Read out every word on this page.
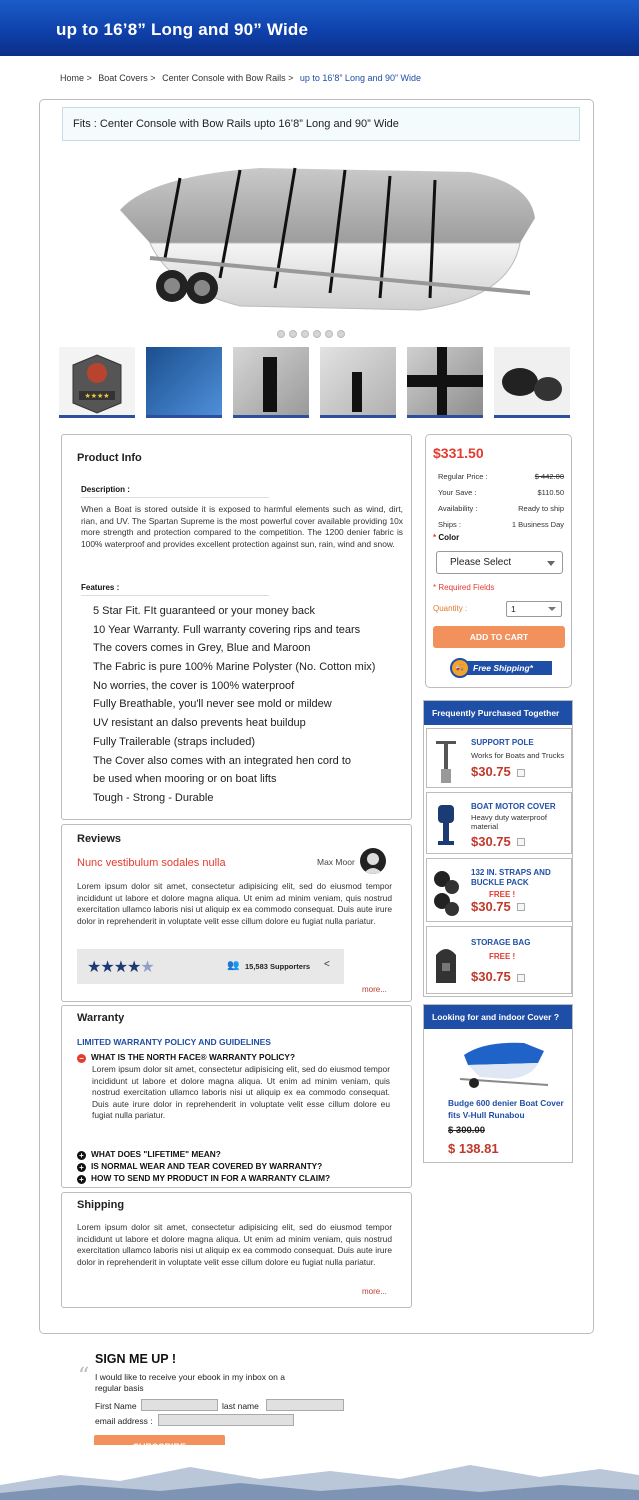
up to 16’8” Long and 90” Wide
Home > Boat Covers > Center Console with Bow Rails > up to 16’8” Long and 90” Wide
Fits : Center Console with Bow Rails upto 16’8” Long and 90” Wide
★★★★
Product Info
Description :
When a Boat is stored outside it is exposed to harmful elements such as wind, dirt, rian, and UV. The Spartan Supreme is the most powerful cover available providing 10x more strength and protection compared to the competition. The 1200 denier fabric is 100% waterproof and provides excellent protection against sun, rain, wind and snow.
Features :
5 Star Fit. FIt guaranteed or your money back
10 Year Warranty. Full warranty covering rips and tears
The covers comes in Grey, Blue and Maroon
The Fabric is pure 100% Marine Polyster (No. Cotton mix)
No worries, the cover is 100% waterproof
Fully Breathable, you'll never see mold or mildew
UV resistant an dalso prevents heat buildup
Fully Trailerable (straps included)
The Cover also comes with an integrated hen cord to
be used when mooring or on boat lifts
Tough - Strong - Durable
Reviews
Nunc vestibulum sodales nulla	Max Moor
Lorem ipsum dolor sit amet, consectetur adipisicing elit, sed do eiusmod tempor incididunt ut labore et dolore magna aliqua. Ut enim ad minim veniam, quis nostrud exercitation ullamco laboris nisi ut aliquip ex ea commodo consequat. Duis aute irure dolor in reprehenderit in voluptate velit esse cillum dolore eu fugiat nulla pariatur.
★★★★★	👥 15,583 Supporters <
more...
Warranty
LIMITED WARRANTY POLICY AND GUIDELINES
− WHAT IS THE NORTH FACE® WARRANTY POLICY?
Lorem ipsum dolor sit amet, consectetur adipisicing elit, sed do eiusmod tempor incididunt ut labore et dolore magna aliqua. Ut enim ad minim veniam, quis nostrud exercitation ullamco laboris nisi ut aliquip ex ea commodo consequat. Duis aute irure dolor in reprehenderit in voluptate velit esse cillum dolore eu fugiat nulla pariatur.
+ WHAT DOES "LIFETIME" MEAN?
+ IS NORMAL WEAR AND TEAR COVERED BY WARRANTY?
+ HOW TO SEND MY PRODUCT IN FOR A WARRANTY CLAIM?
Shipping
Lorem ipsum dolor sit amet, consectetur adipisicing elit, sed do eiusmod tempor incididunt ut labore et dolore magna aliqua. Ut enim ad minim veniam, quis nostrud exercitation ullamco laboris nisi ut aliquip ex ea commodo consequat. Duis aute irure dolor in reprehenderit in voluptate velit esse cillum dolore eu fugiat nulla pariatur.
more...
$331.50
Regular Price :	$ 442.00
Your Save :	$110.50
Availability :	Ready to ship
Ships :	1 Business Day
* Color
Please Select
* Required Fields
Quantity :	1
ADD TO CART
Free Shipping*
🚚
Frequently Purchased Together
SUPPORT POLE
Works for Boats and Trucks
$30.75
BOAT MOTOR COVER
Heavy duty waterproof material
$30.75
132 IN. STRAPS AND BUCKLE PACK
FREE !
$30.75
STORAGE BAG
FREE !
$30.75
Looking for and indoor Cover ?
Budge 600 denier Boat Cover fits V-Hull Runabou
$ 300.00
$ 138.81
SIGN ME UP !
“ I would like to receive your ebook in my inbox on a regular basis
First Name	last name
email address :
